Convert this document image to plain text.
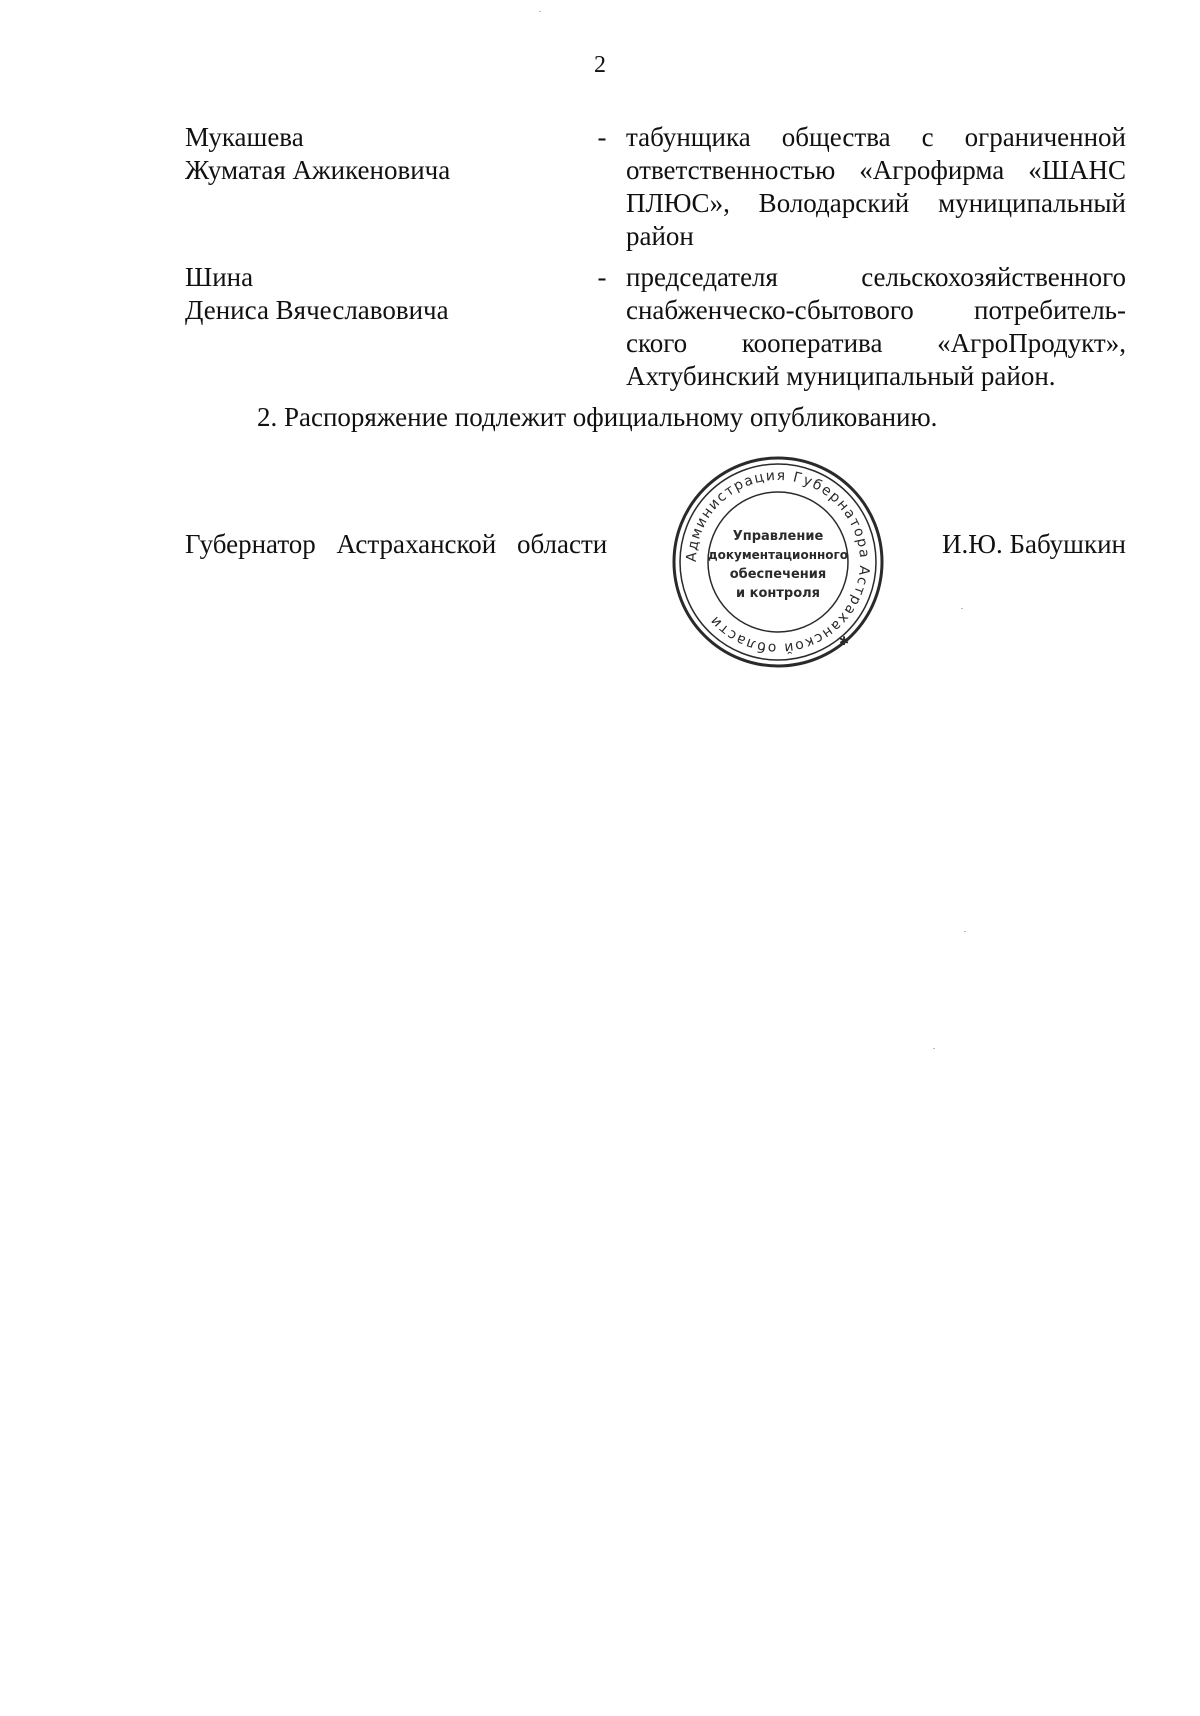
2
Мукашева
Жуматая Ажикеновича
- табунщика общества с ограниченной ответственностью «Агрофирма «ШАНС ПЛЮС», Володарский муниципальный район
Шина
Дениса Вячеславовича
- председателя сельскохозяйственного снабженческо-сбытового потребитель-ского кооператива «АгроПродукт», Ахтубинский муниципальный район.
2. Распоряжение подлежит официальному опубликованию.
Губернатор Астраханской области	И.Ю. Бабушкин
Администрация Губернатора Астраханской области
✱
Управление
документационного
обеспечения
и контроля
